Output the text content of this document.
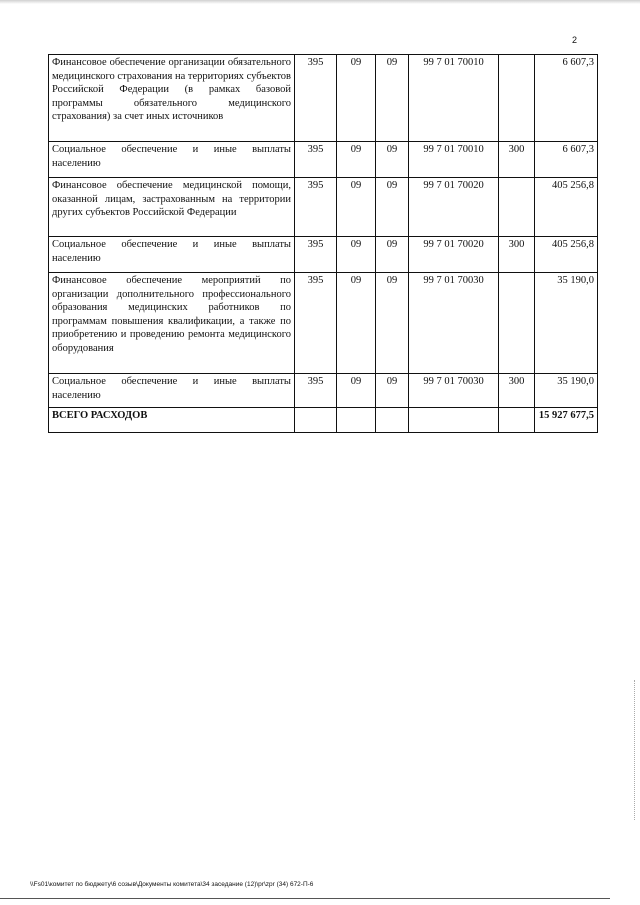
2
Финансовое обеспечение организации обязательного медицинского страхования на территориях субъектов Российской Федерации (в рамках базовой программы обязательного медицинского страхования) за счет иных источников	395	09	09	99 7 01 70010		6 607,3
Социальное обеспечение и иные выплаты населению	395	09	09	99 7 01 70010	300	6 607,3
Финансовое обеспечение медицинской помощи, оказанной лицам, застрахованным на территории других субъектов Российской Федерации	395	09	09	99 7 01 70020		405 256,8
Социальное обеспечение и иные выплаты населению	395	09	09	99 7 01 70020	300	405 256,8
Финансовое обеспечение мероприятий по организации дополнительного профессионального образования медицинских работников по программам повышения квалификации, а также по приобретению и проведению ремонта медицинского оборудования	395	09	09	99 7 01 70030		35 190,0
Социальное обеспечение и иные выплаты населению	395	09	09	99 7 01 70030	300	35 190,0
ВСЕГО РАСХОДОВ						15 927 677,5
\\Fs01\комитет по бюджету\6 созыв\Документы комитета\34 заседание (12)\pr\zpr (34) 672-П-6
